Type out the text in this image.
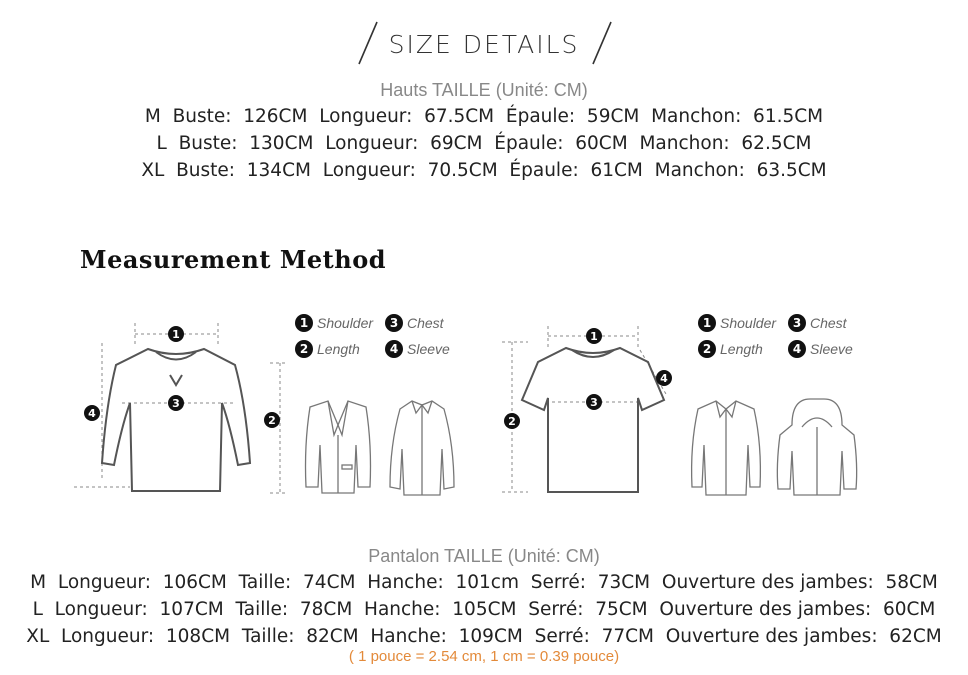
SIZE DETAILS
Hauts TAILLE (Unité: CM)
M  Buste:  126CM  Longueur:  67.5CM  Épaule:  59CM  Manchon:  61.5CM
L  Buste:  130CM  Longueur:  69CM  Épaule:  60CM  Manchon:  62.5CM
XL  Buste:  134CM  Longueur:  70.5CM  Épaule:  61CM  Manchon:  63.5CM
Measurement Method
1
3
2
4
1 Shoulder	3 Chest
2 Length	4 Sleeve
1
3
2
4
1 Shoulder	3 Chest
2 Length	4 Sleeve
Pantalon TAILLE (Unité: CM)
M  Longueur:  106CM  Taille:  74CM  Hanche:  101cm  Serré:  73CM  Ouverture des jambes:  58CM
L  Longueur:  107CM  Taille:  78CM  Hanche:  105CM  Serré:  75CM  Ouverture des jambes:  60CM
XL  Longueur:  108CM  Taille:  82CM  Hanche:  109CM  Serré:  77CM  Ouverture des jambes:  62CM
( 1 pouce = 2.54 cm, 1 cm = 0.39 pouce)
